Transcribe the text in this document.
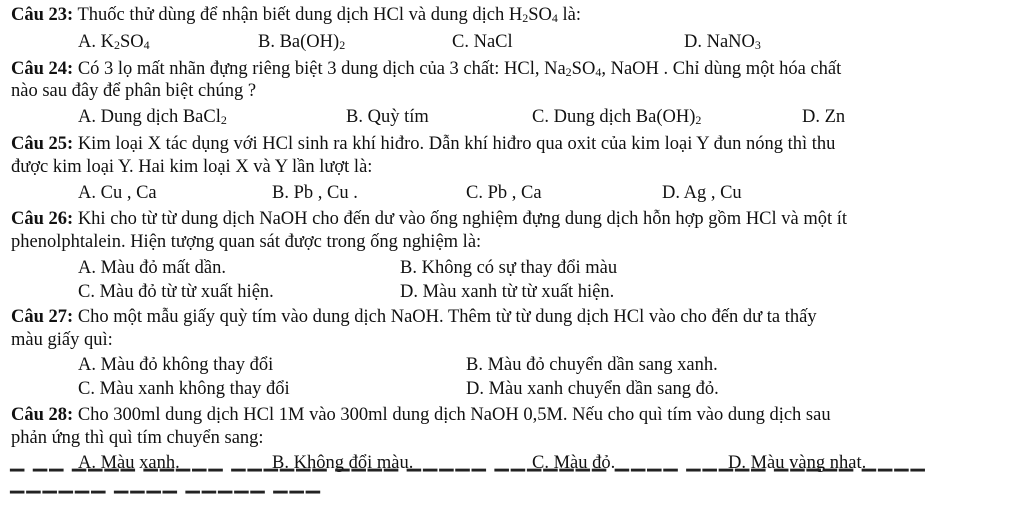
Câu 23: Thuốc thử dùng để nhận biết dung dịch HCl và dung dịch $H_2SO_4$ là:
A. $K_2SO_4$	B. $Ba(OH)_2$	C. NaCl	D. NaNO$_3$
Câu 24: Có 3 lọ mất nhãn đựng riêng biệt 3 dung dịch của 3 chất: HCl, $Na_2SO_4$, NaOH . Chỉ dùng một hóa chất
nào sau đây để phân biệt chúng ?
A. Dung dịch BaCl$_2$	B. Quỳ tím	C. Dung dịch $Ba(OH)_2$	D. Zn
Câu 25: Kim loại X tác dụng với HCl sinh ra khí hiđro. Dẫn khí hiđro qua oxit của kim loại Y đun nóng thì thu
được kim loại Y. Hai kim loại X và Y lần lượt là:
A. Cu , Ca	B. Pb , Cu .	C. Pb , Ca	D. Ag , Cu
Câu 26: Khi cho từ từ dung dịch NaOH cho đến dư vào ống nghiệm đựng dung dịch hỗn hợp gồm HCl và một ít
phenolphtalein. Hiện tượng quan sát được trong ống nghiệm là:
A. Màu đỏ mất dần.	B. Không có sự thay đổi màu
C. Màu đỏ từ từ xuất hiện.	D. Màu xanh từ từ xuất hiện.
Câu 27: Cho một mẫu giấy quỳ tím vào dung dịch NaOH. Thêm từ từ dung dịch HCl vào cho đến dư ta thấy
màu giấy quì:
A. Màu đỏ không thay đổi	B. Màu đỏ chuyển dần sang xanh.
C. Màu xanh không thay đổi	D. Màu xanh chuyển dần sang đỏ.
Câu 28: Cho 300ml dung dịch HCl 1M vào 300ml dung dịch NaOH 0,5M. Nếu cho quì tím vào dung dịch sau
phản ứng thì quì tím chuyển sang:
A. Màu xanh.	B. Không đổi màu.	C. Màu đỏ.	D. Màu vàng nhạt.
▔ ▔▔ ▔▔▔▔ ▔▔▔▔▔ ▔▔▔▔▔▔ ▔▔▔▔ ▔▔▔▔▔ ▔▔▔▔▔▔▔ ▔▔▔▔ ▔▔▔▔▔ ▔▔▔▔▔ ▔▔▔▔ ▔▔▔▔▔▔ ▔▔▔▔ ▔▔▔▔▔ ▔▔▔
